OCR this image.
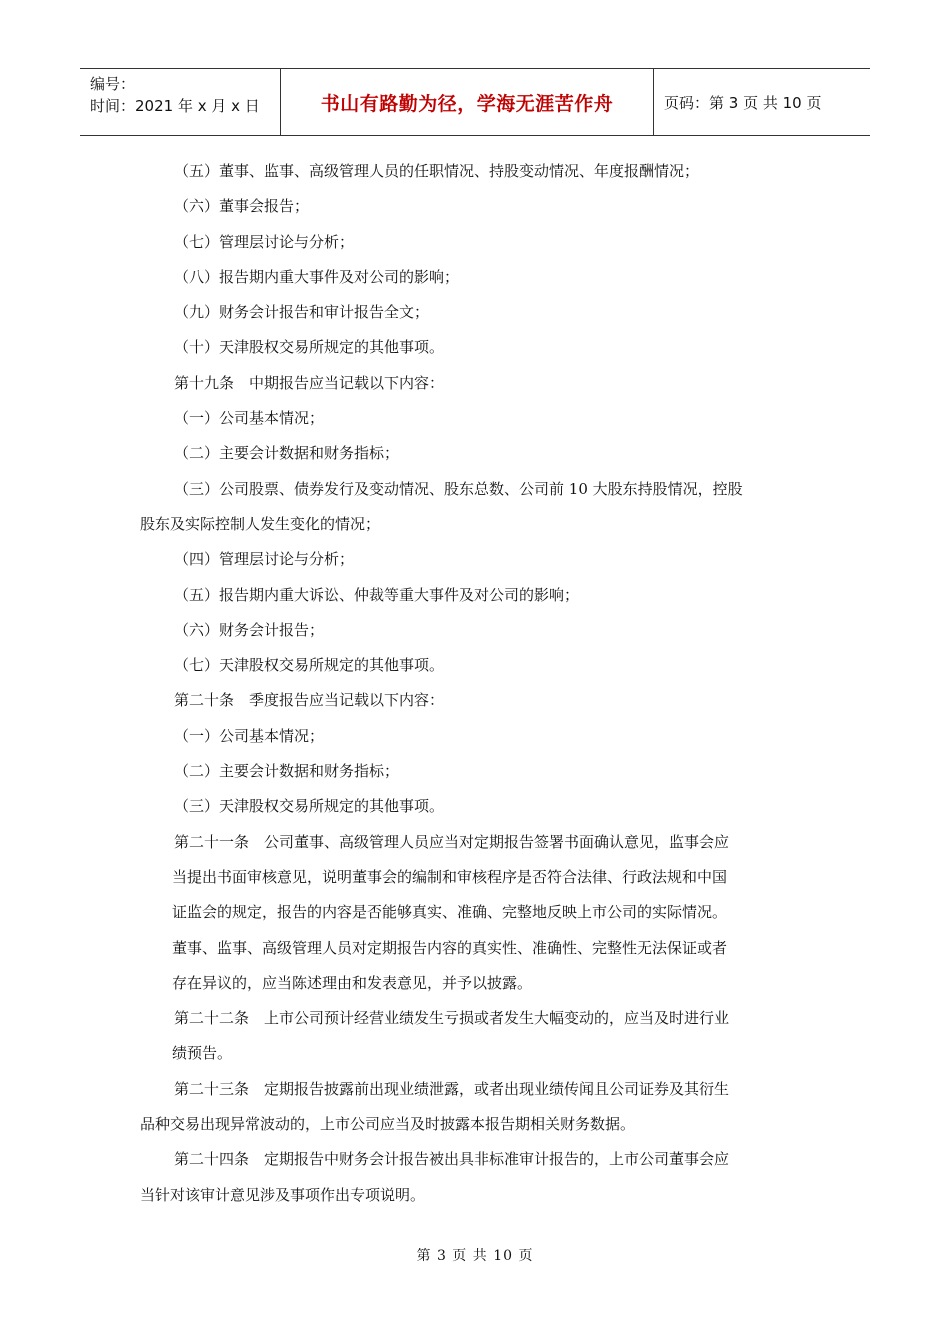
编号：
时间：2021 年 x 月 x 日	书山有路勤为径，学海无涯苦作舟	页码：第 3 页 共 10 页

（五）董事、监事、高级管理人员的任职情况、持股变动情况、年度报酬情况；

（六）董事会报告；

（七）管理层讨论与分析；

（八）报告期内重大事件及对公司的影响；

（九）财务会计报告和审计报告全文；

（十）天津股权交易所规定的其他事项。

第十九条　中期报告应当记载以下内容：

（一）公司基本情况；

（二）主要会计数据和财务指标；

（三）公司股票、债券发行及变动情况、股东总数、公司前 10 大股东持股情况，控股

股东及实际控制人发生变化的情况；

（四）管理层讨论与分析；

（五）报告期内重大诉讼、仲裁等重大事件及对公司的影响；

（六）财务会计报告；

（七）天津股权交易所规定的其他事项。

第二十条　季度报告应当记载以下内容：

（一）公司基本情况；

（二）主要会计数据和财务指标；

（三）天津股权交易所规定的其他事项。

第二十一条　公司董事、高级管理人员应当对定期报告签署书面确认意见，监事会应

当提出书面审核意见，说明董事会的编制和审核程序是否符合法律、行政法规和中国

证监会的规定，报告的内容是否能够真实、准确、完整地反映上市公司的实际情况。

董事、监事、高级管理人员对定期报告内容的真实性、准确性、完整性无法保证或者

存在异议的，应当陈述理由和发表意见，并予以披露。

第二十二条　上市公司预计经营业绩发生亏损或者发生大幅变动的，应当及时进行业

绩预告。

第二十三条　定期报告披露前出现业绩泄露，或者出现业绩传闻且公司证券及其衍生

品种交易出现异常波动的，上市公司应当及时披露本报告期相关财务数据。

第二十四条　定期报告中财务会计报告被出具非标准审计报告的，上市公司董事会应

当针对该审计意见涉及事项作出专项说明。

第 3 页 共 10 页
